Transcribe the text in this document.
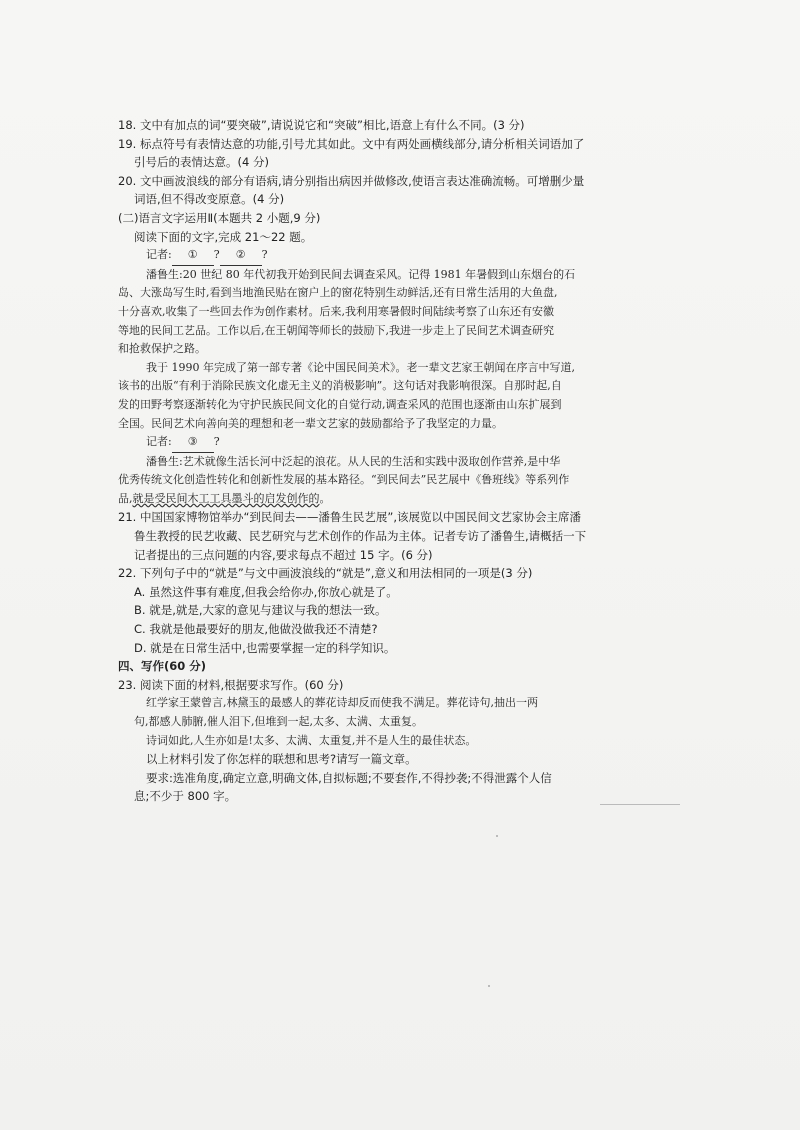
18. 文中有加点的词“要突破”,请说说它和“突破”相比,语意上有什么不同。(3 分)

19. 标点符号有表情达意的功能,引号尤其如此。文中有两处画横线部分,请分析相关词语加了

引号后的表情达意。(4 分)

20. 文中画波浪线的部分有语病,请分别指出病因并做修改,使语言表达准确流畅。可增删少量

词语,但不得改变原意。(4 分)

(二)语言文字运用Ⅱ(本题共 2 小题,9 分)

阅读下面的文字,完成 21～22 题。

记者: ① ? ② ?

潘鲁生:20 世纪 80 年代初我开始到民间去调查采风。记得 1981 年暑假到山东烟台的石

岛、大涨岛写生时,看到当地渔民贴在窗户上的窗花特别生动鲜活,还有日常生活用的大鱼盘,

十分喜欢,收集了一些回去作为创作素材。后来,我利用寒暑假时间陆续考察了山东还有安徽

等地的民间工艺品。工作以后,在王朝闻等师长的鼓励下,我进一步走上了民间艺术调查研究

和抢救保护之路。

我于 1990 年完成了第一部专著《论中国民间美术》。老一辈文艺家王朝闻在序言中写道,

该书的出版“有利于消除民族文化虚无主义的消极影响”。这句话对我影响很深。自那时起,自

发的田野考察逐渐转化为守护民族民间文化的自觉行动,调查采风的范围也逐渐由山东扩展到

全国。民间艺术向善向美的理想和老一辈文艺家的鼓励都给予了我坚定的力量。

记者: ③ ?

潘鲁生:艺术就像生活长河中泛起的浪花。从人民的生活和实践中汲取创作营养,是中华

优秀传统文化创造性转化和创新性发展的基本路径。“到民间去”民艺展中《鲁班线》等系列作

品,就是受民间木工工具墨斗的启发创作的。

21. 中国国家博物馆举办“到民间去——潘鲁生民艺展”,该展览以中国民间文艺家协会主席潘

鲁生教授的民艺收藏、民艺研究与艺术创作的作品为主体。记者专访了潘鲁生,请概括一下

记者提出的三点问题的内容,要求每点不超过 15 字。(6 分)

22. 下列句子中的“就是”与文中画波浪线的“就是”,意义和用法相同的一项是(3 分)

A. 虽然这件事有难度,但我会给你办,你放心就是了。

B. 就是,就是,大家的意见与建议与我的想法一致。

C. 我就是他最要好的朋友,他做没做我还不清楚?

D. 就是在日常生活中,也需要掌握一定的科学知识。

四、写作(60 分)

23. 阅读下面的材料,根据要求写作。(60 分)

红学家王蒙曾言,林黛玉的最感人的葬花诗却反而使我不满足。葬花诗句,抽出一两

句,都感人肺腑,催人泪下,但堆到一起,太多、太满、太重复。

诗词如此,人生亦如是!太多、太满、太重复,并不是人生的最佳状态。

以上材料引发了你怎样的联想和思考?请写一篇文章。

要求:选准角度,确定立意,明确文体,自拟标题;不要套作,不得抄袭;不得泄露个人信

息;不少于 800 字。
